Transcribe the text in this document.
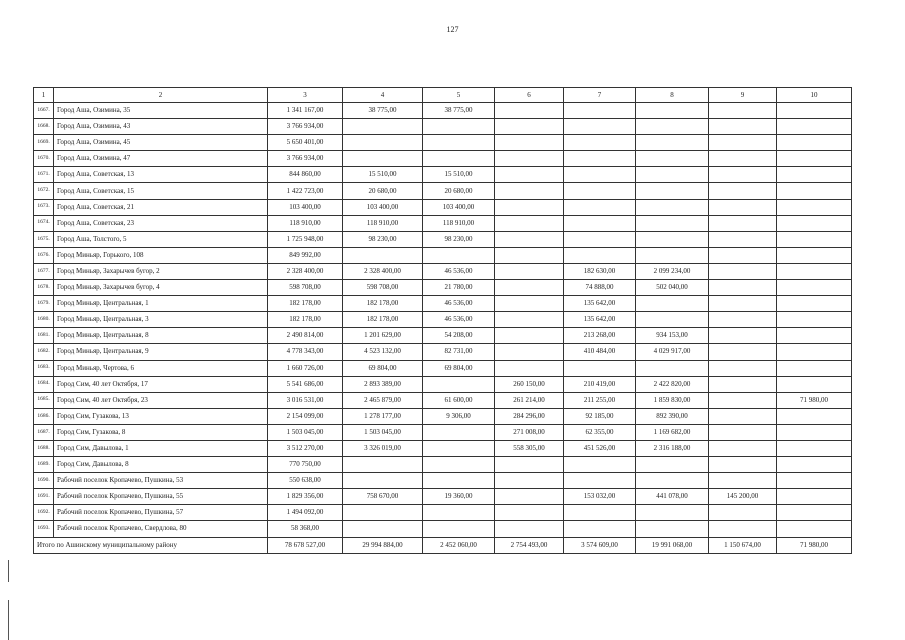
127
1	2	3	4	5	6	7	8	9	10
1667.	Город Аша, Озимина, 35	1 341 167,00	38 775,00	38 775,00					
1668.	Город Аша, Озимина, 43	3 766 934,00							
1669.	Город Аша, Озимина, 45	5 650 401,00							
1670.	Город Аша, Озимина, 47	3 766 934,00							
1671.	Город Аша, Советская, 13	844 860,00	15 510,00	15 510,00					
1672.	Город Аша, Советская, 15	1 422 723,00	20 680,00	20 680,00					
1673.	Город Аша, Советская, 21	103 400,00	103 400,00	103 400,00					
1674.	Город Аша, Советская, 23	118 910,00	118 910,00	118 910,00					
1675.	Город Аша, Толстого, 5	1 725 948,00	98 230,00	98 230,00					
1676.	Город Миньяр, Горького, 108	849 992,00							
1677.	Город Миньяр, Захарычев бугор, 2	2 328 400,00	2 328 400,00	46 536,00		182 630,00	2 099 234,00		
1678.	Город Миньяр, Захарычев бугор, 4	598 708,00	598 708,00	21 780,00		74 888,00	502 040,00		
1679.	Город Миньяр, Центральная, 1	182 178,00	182 178,00	46 536,00		135 642,00			
1680.	Город Миньяр, Центральная, 3	182 178,00	182 178,00	46 536,00		135 642,00			
1681.	Город Миньяр, Центральная, 8	2 490 814,00	1 201 629,00	54 208,00		213 268,00	934 153,00		
1682.	Город Миньяр, Центральная, 9	4 778 343,00	4 523 132,00	82 731,00		410 484,00	4 029 917,00		
1683.	Город Миньяр, Чертова, 6	1 660 726,00	69 804,00	69 804,00					
1684.	Город Сим, 40 лет Октября, 17	5 541 686,00	2 893 389,00		260 150,00	210 419,00	2 422 820,00		
1685.	Город Сим, 40 лет Октября, 23	3 016 531,00	2 465 879,00	61 600,00	261 214,00	211 255,00	1 859 830,00		71 980,00
1686.	Город Сим, Гузакова, 13	2 154 099,00	1 278 177,00	9 306,00	284 296,00	92 185,00	892 390,00		
1687.	Город Сим, Гузакова, 8	1 503 045,00	1 503 045,00		271 008,00	62 355,00	1 169 682,00		
1688.	Город Сим, Давылова, 1	3 512 270,00	3 326 019,00		558 305,00	451 526,00	2 316 188,00		
1689.	Город Сим, Давылова, 8	770 750,00							
1690.	Рабочий поселок Кропачево, Пушкина, 53	550 638,00							
1691.	Рабочий поселок Кропачево, Пушкина, 55	1 829 356,00	758 670,00	19 360,00		153 032,00	441 078,00	145 200,00	
1692.	Рабочий поселок Кропачево, Пушкина, 57	1 494 092,00							
1693.	Рабочий поселок Кропачево, Свердлова, 80	58 368,00							
Итого по Ашинскому муниципальному району		78 678 527,00	29 994 884,00	2 452 060,00	2 754 493,00	3 574 609,00	19 991 068,00	1 150 674,00	71 980,00
